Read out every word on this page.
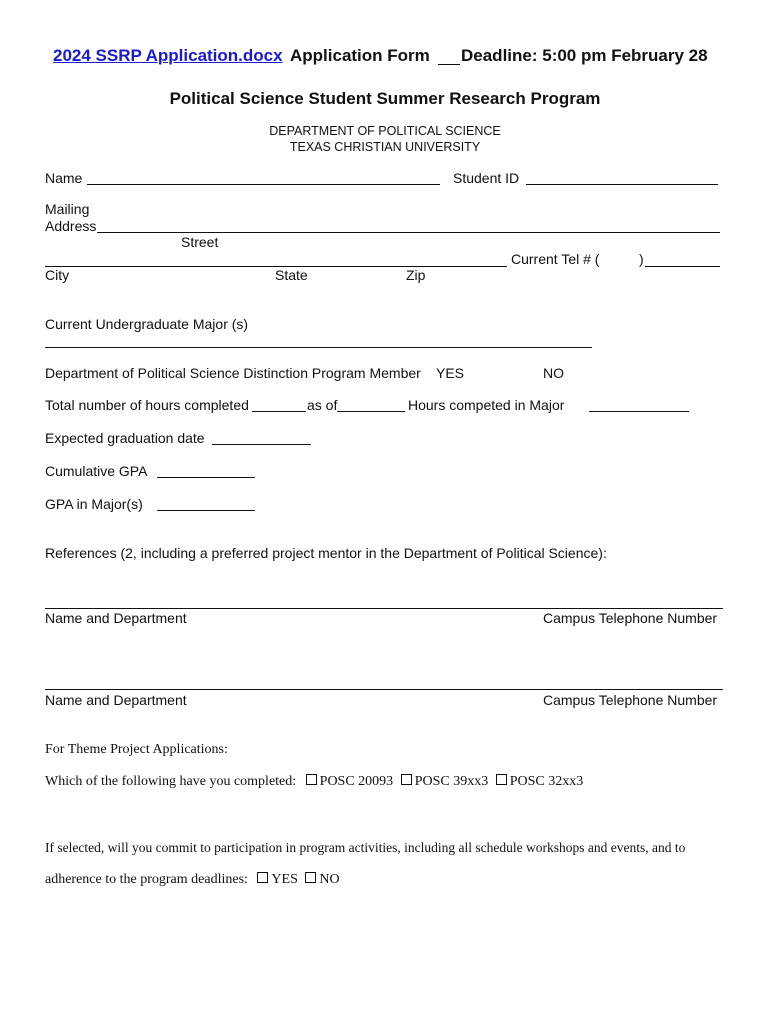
2024 SSRP Application.docx Application Form Deadline: 5:00 pm February 28
Political Science Student Summer Research Program
DEPARTMENT OF POLITICAL SCIENCE
TEXAS CHRISTIAN UNIVERSITY
Name	Student ID
Mailing
Address
Street
Current Tel # (	)
City	State	Zip
Current Undergraduate Major (s)
Department of Political Science Distinction Program Member YES	NO
Total number of hours completed	as of	Hours competed in Major
Expected graduation date
Cumulative GPA
GPA in Major(s)
References (2, including a preferred project mentor in the Department of Political Science):
Name and Department	Campus Telephone Number
Name and Department	Campus Telephone Number
For Theme Project Applications:
Which of the following have you completed: POSC 20093 POSC 39xx3 POSC 32xx3
If selected, will you commit to participation in program activities, including all schedule workshops and events, and to
adherence to the program deadlines: YES NO
